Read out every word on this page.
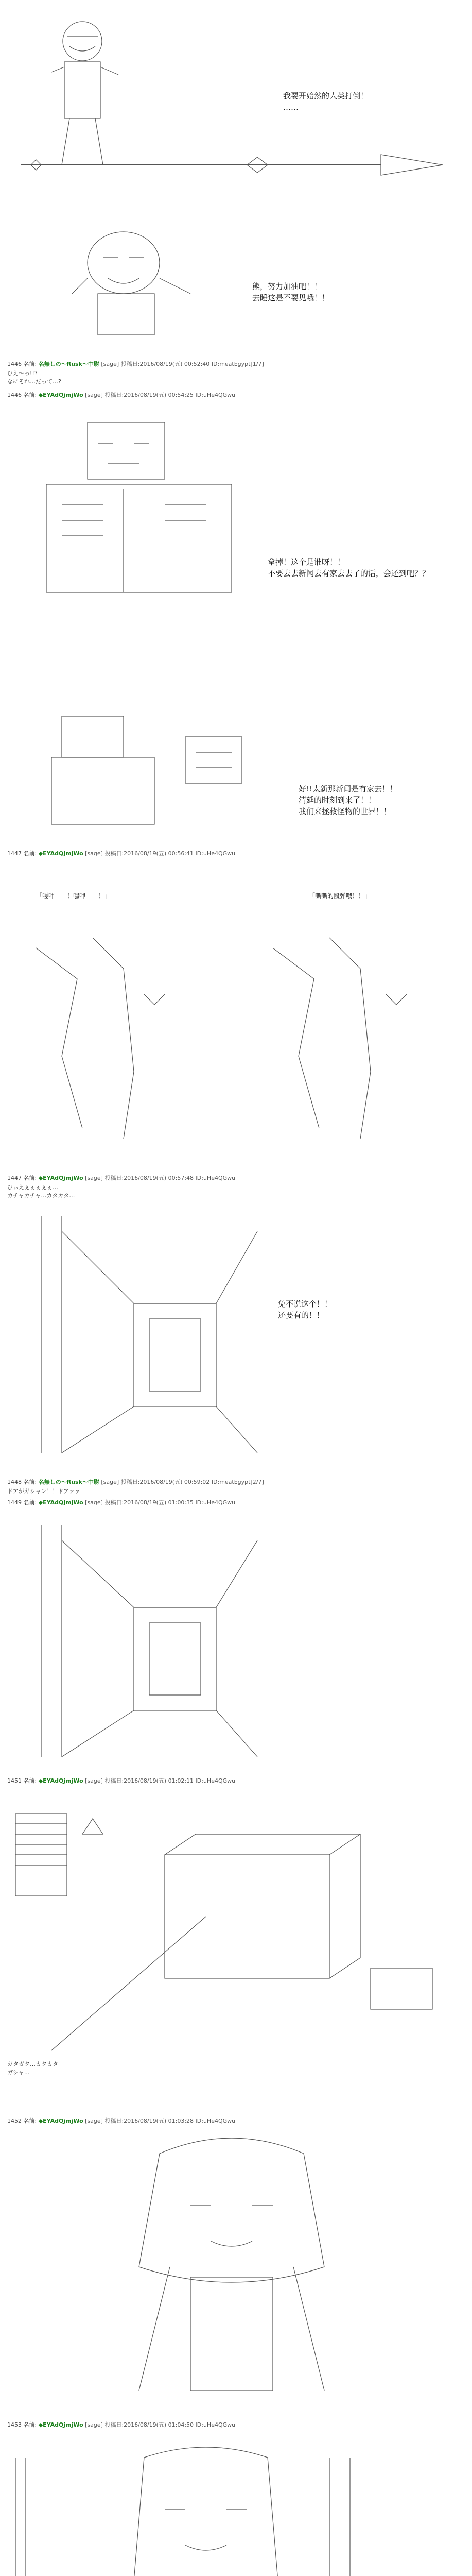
我要开始然的人类打倒！
……
熊，努力加油吧！！
去睡这是不要见哦！！
1446 名前: 名無しの～Rusk～中尉 [sage] 投稿日:2016/08/19(五) 00:52:40 ID:meatEgypt[1/7]
ひえ〜っ!!?
なにそれ…だって…?
1446 名前: ◆EYAdQjmjWo [sage] 投稿日:2016/08/19(五) 00:54:25 ID:uHe4QGwu
拿掉！这个是谁呀！！
不要去去新闻去有家去去了的话，会还到吧？？
好!!太新那新闻是有家去！！
清延的时刻到来了！！
我们来拯救怪物的世界！！
1447 名前: ◆EYAdQjmjWo [sage] 投稿日:2016/08/19(五) 00:56:41 ID:uHe4QGwu
「嘎呷——！嘿呷——！」	「嘶嘶的骰弹哦！！」
1447 名前: ◆EYAdQjmjWo [sage] 投稿日:2016/08/19(五) 00:57:48 ID:uHe4QGwu
ひぃえぇぇぇぇぇ…
カチャカチャ…カタカタ…
免不说这个！！
还要有的！！
1448 名前: 名無しの～Rusk～中尉 [sage] 投稿日:2016/08/19(五) 00:59:02 ID:meatEgypt[2/7]
ドアがガシャン！！ドアァァ
1449 名前: ◆EYAdQjmjWo [sage] 投稿日:2016/08/19(五) 01:00:35 ID:uHe4QGwu
1451 名前: ◆EYAdQjmjWo [sage] 投稿日:2016/08/19(五) 01:02:11 ID:uHe4QGwu
ガタガタ…カタカタ
ガシャ…
1452 名前: ◆EYAdQjmjWo [sage] 投稿日:2016/08/19(五) 01:03:28 ID:uHe4QGwu
1453 名前: ◆EYAdQjmjWo [sage] 投稿日:2016/08/19(五) 01:04:50 ID:uHe4QGwu
